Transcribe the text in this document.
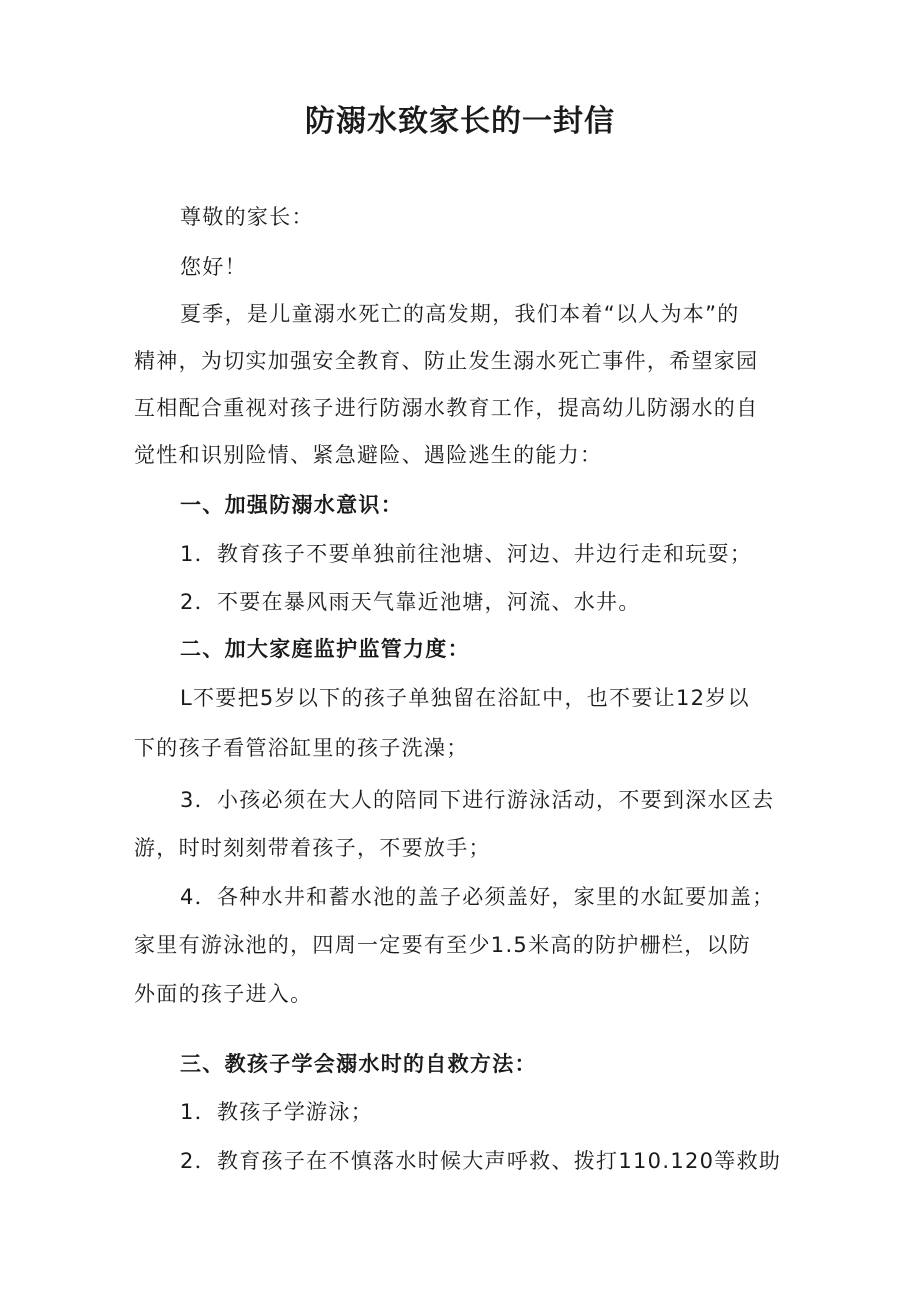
防溺水致家长的一封信
尊敬的家长：
您好！
夏季，是儿童溺水死亡的高发期，我们本着“以人为本”的
精神，为切实加强安全教育、防止发生溺水死亡事件，希望家园
互相配合重视对孩子进行防溺水教育工作，提高幼儿防溺水的自
觉性和识别险情、紧急避险、遇险逃生的能力：
一、加强防溺水意识：
1．教育孩子不要单独前往池塘、河边、井边行走和玩耍；
2．不要在暴风雨天气靠近池塘，河流、水井。
二、加大家庭监护监管力度：
L不要把5岁以下的孩子单独留在浴缸中，也不要让12岁以
下的孩子看管浴缸里的孩子洗澡；
3．小孩必须在大人的陪同下进行游泳活动，不要到深水区去
游，时时刻刻带着孩子，不要放手；
4．各种水井和蓄水池的盖子必须盖好，家里的水缸要加盖；
家里有游泳池的，四周一定要有至少1.5米高的防护栅栏，以防
外面的孩子进入。
三、教孩子学会溺水时的自救方法：
1．教孩子学游泳；
2．教育孩子在不慎落水时候大声呼救、拨打110.120等救助
